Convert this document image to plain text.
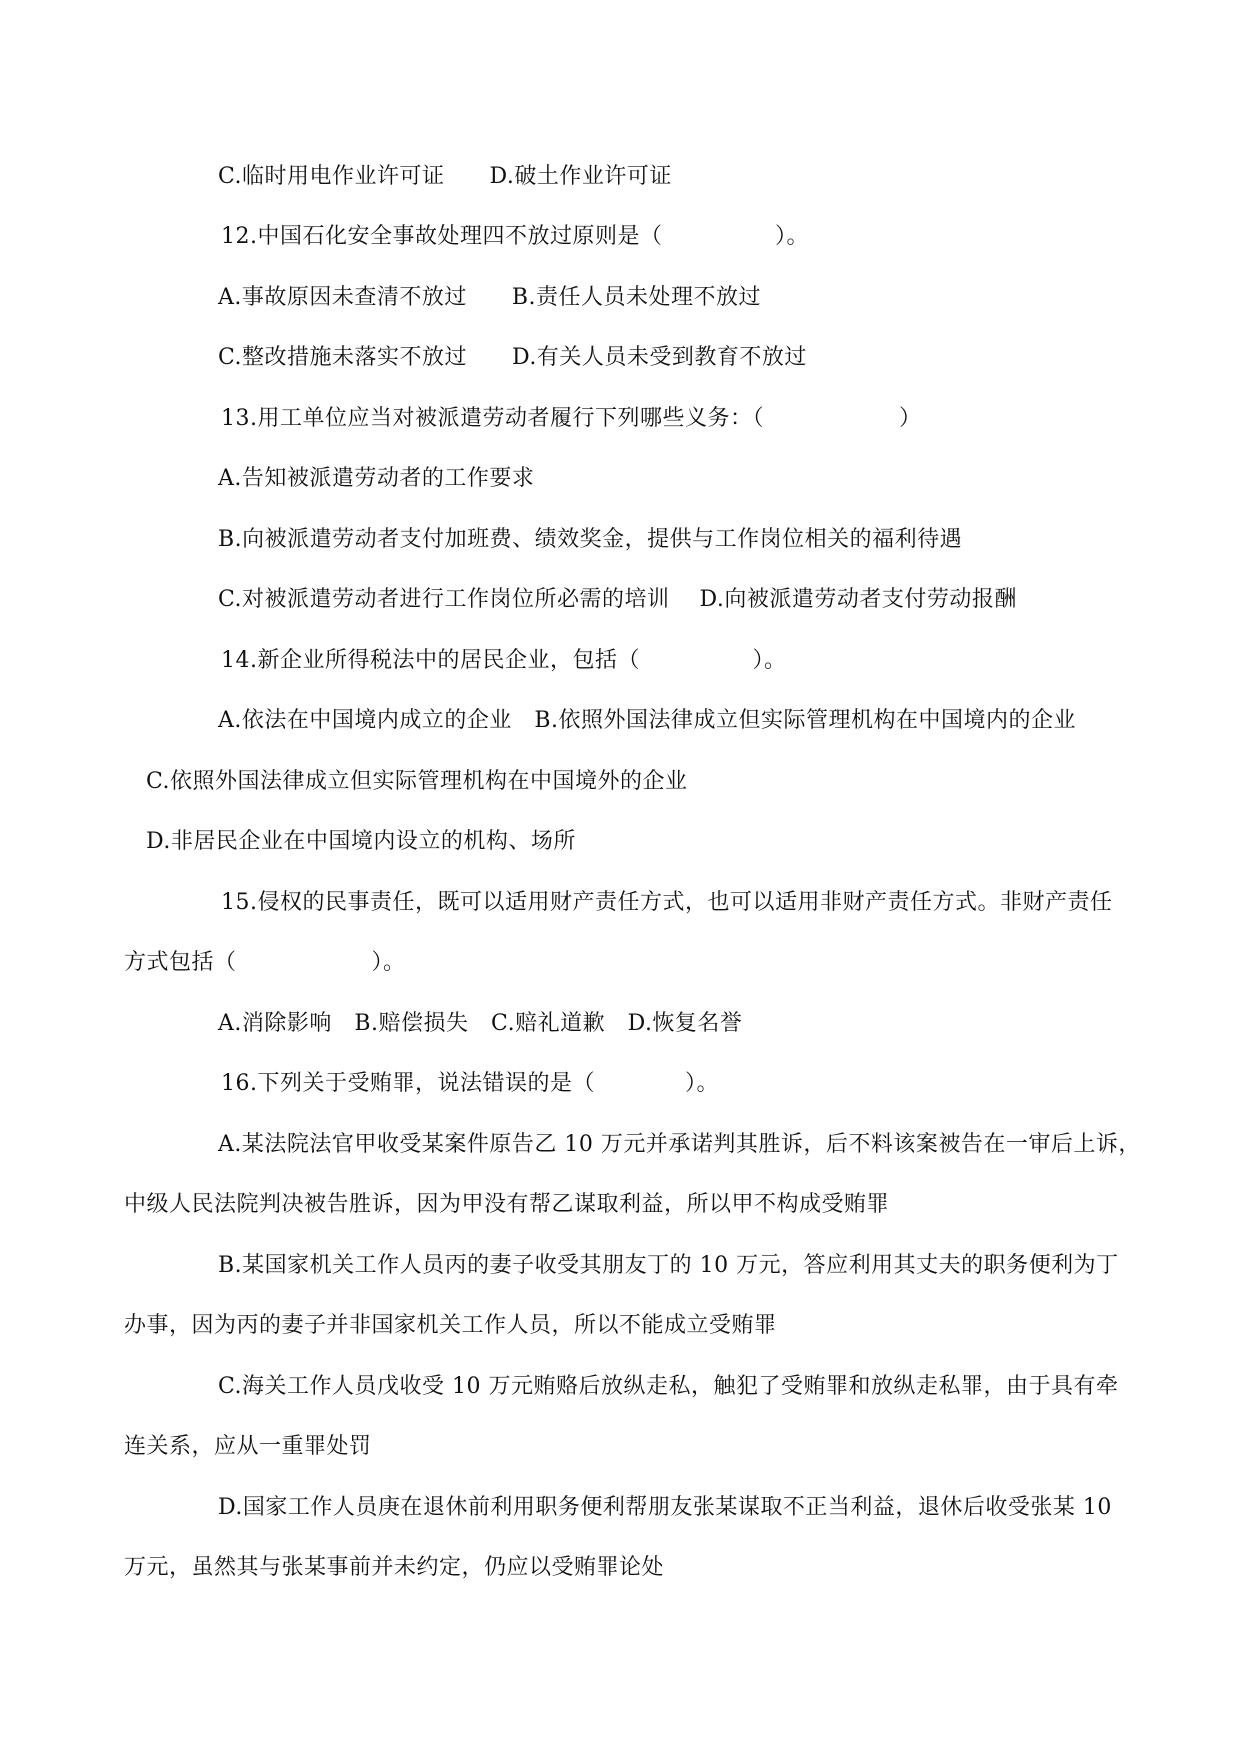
C.临时用电作业许可证　　D.破土作业许可证
12.中国石化安全事故处理四不放过原则是（　　　　　）。
A.事故原因未查清不放过　　B.责任人员未处理不放过
C.整改措施未落实不放过　　D.有关人员未受到教育不放过
13.用工单位应当对被派遣劳动者履行下列哪些义务：（　　　　　　）
A.告知被派遣劳动者的工作要求
B.向被派遣劳动者支付加班费、绩效奖金，提供与工作岗位相关的福利待遇
C.对被派遣劳动者进行工作岗位所必需的培训　 D.向被派遣劳动者支付劳动报酬
14.新企业所得税法中的居民企业，包括（　　　　　）。
A.依法在中国境内成立的企业　B.依照外国法律成立但实际管理机构在中国境内的企业
C.依照外国法律成立但实际管理机构在中国境外的企业
D.非居民企业在中国境内设立的机构、场所
15.侵权的民事责任，既可以适用财产责任方式，也可以适用非财产责任方式。非财产责任
方式包括（　　　　　　）。
A.消除影响　B.赔偿损失　C.赔礼道歉　D.恢复名誉
16.下列关于受贿罪，说法错误的是（　　　　）。
A.某法院法官甲收受某案件原告乙 10 万元并承诺判其胜诉，后不料该案被告在一审后上诉，
中级人民法院判决被告胜诉，因为甲没有帮乙谋取利益，所以甲不构成受贿罪
B.某国家机关工作人员丙的妻子收受其朋友丁的 10 万元，答应利用其丈夫的职务便利为丁
办事，因为丙的妻子并非国家机关工作人员，所以不能成立受贿罪
C.海关工作人员戊收受 10 万元贿赂后放纵走私，触犯了受贿罪和放纵走私罪，由于具有牵
连关系，应从一重罪处罚
D.国家工作人员庚在退休前利用职务便利帮朋友张某谋取不正当利益，退休后收受张某 10
万元，虽然其与张某事前并未约定，仍应以受贿罪论处
